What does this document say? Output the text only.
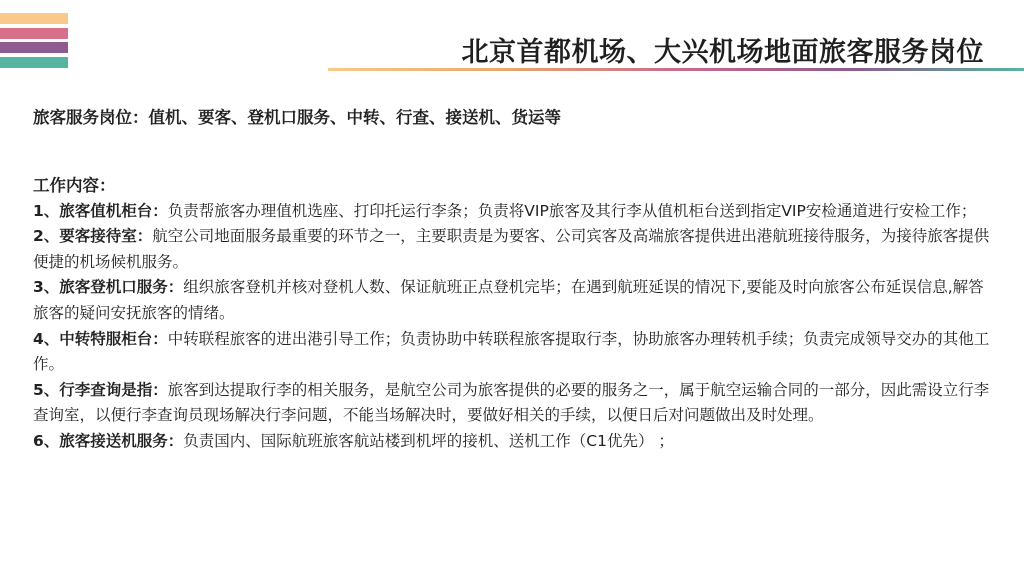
北京首都机场、大兴机场地面旅客服务岗位
旅客服务岗位：值机、要客、登机口服务、中转、行查、接送机、货运等
工作内容：
1、旅客值机柜台：负责帮旅客办理值机选座、打印托运行李条；负责将VIP旅客及其行李从值机柜台送到指定VIP安检通道进行安检工作；
2、要客接待室：航空公司地面服务最重要的环节之一，主要职责是为要客、公司宾客及高端旅客提供进出港航班接待服务，为接待旅客提供便捷的机场候机服务。
3、旅客登机口服务：组织旅客登机并核对登机人数、保证航班正点登机完毕；在遇到航班延误的情况下,要能及时向旅客公布延误信息,解答旅客的疑问安抚旅客的情绪。
4、中转特服柜台：中转联程旅客的进出港引导工作；负责协助中转联程旅客提取行李，协助旅客办理转机手续；负责完成领导交办的其他工作。
5、行李查询是指：旅客到达提取行李的相关服务，是航空公司为旅客提供的必要的服务之一，属于航空运输合同的一部分，因此需设立行李查询室，以便行李查询员现场解决行李问题，不能当场解决时，要做好相关的手续，以便日后对问题做出及时处理。
6、旅客接送机服务：负责国内、国际航班旅客航站楼到机坪的接机、送机工作（C1优先） ；
